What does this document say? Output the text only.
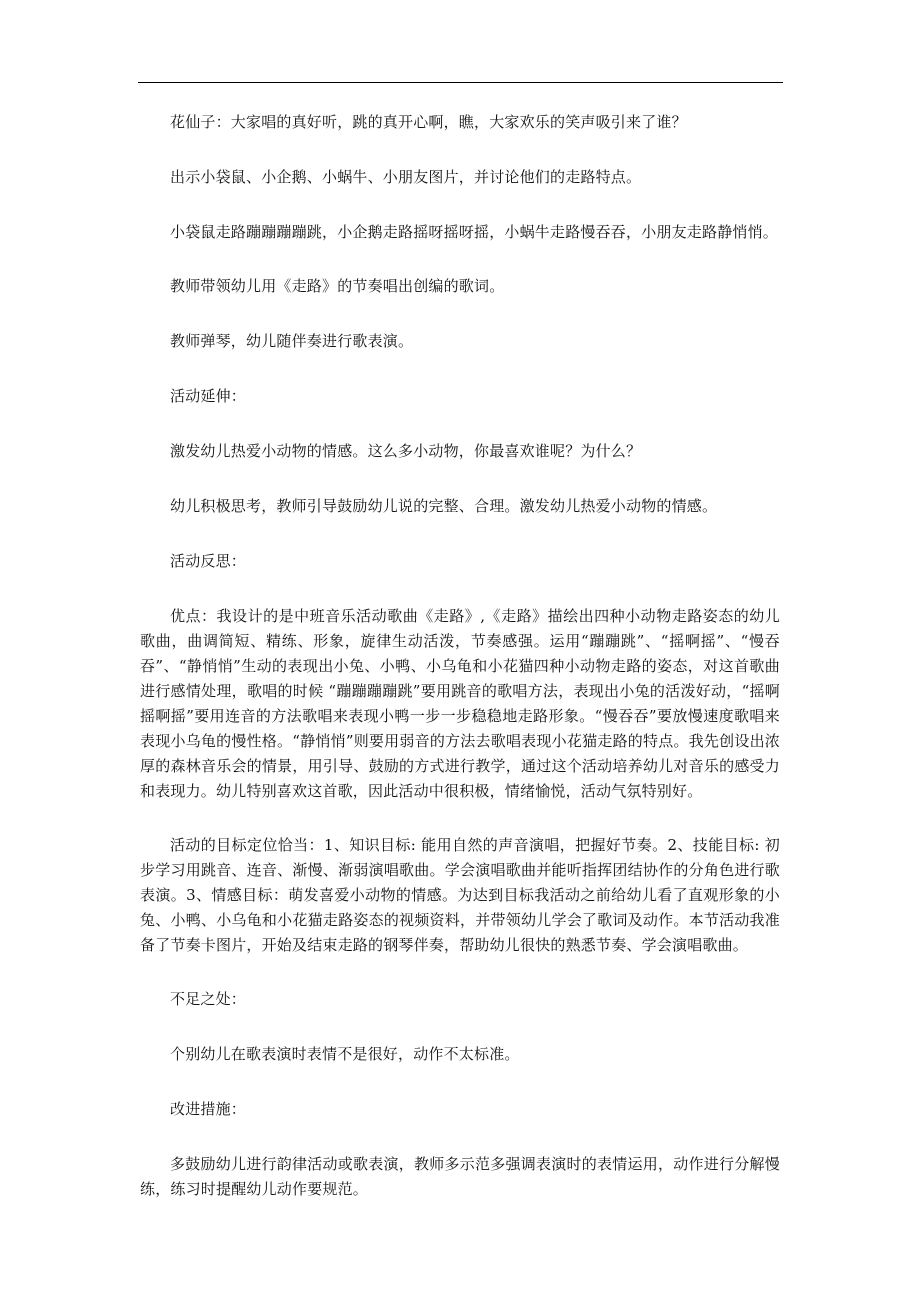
花仙子：大家唱的真好听，跳的真开心啊，瞧，大家欢乐的笑声吸引来了谁？

出示小袋鼠、小企鹅、小蜗牛、小朋友图片，并讨论他们的走路特点。

小袋鼠走路蹦蹦蹦蹦跳，小企鹅走路摇呀摇呀摇，小蜗牛走路慢吞吞，小朋友走路静悄悄。

教师带领幼儿用《走路》的节奏唱出创编的歌词。

教师弹琴，幼儿随伴奏进行歌表演。

活动延伸：

激发幼儿热爱小动物的情感。这么多小动物，你最喜欢谁呢？为什么？

幼儿积极思考，教师引导鼓励幼儿说的完整、合理。激发幼儿热爱小动物的情感。

活动反思：

优点：我设计的是中班音乐活动歌曲《走路》,《走路》描绘出四种小动物走路姿态的幼儿歌曲，曲调简短、精练、形象，旋律生动活泼，节奏感强。运用“蹦蹦跳”、“摇啊摇”、“慢吞吞”、“静悄悄”生动的表现出小兔、小鸭、小乌龟和小花猫四种小动物走路的姿态，对这首歌曲进行感情处理，歌唱的时候 “蹦蹦蹦蹦跳”要用跳音的歌唱方法，表现出小兔的活泼好动，“摇啊摇啊摇”要用连音的方法歌唱来表现小鸭一步一步稳稳地走路形象。“慢吞吞”要放慢速度歌唱来表现小乌龟的慢性格。“静悄悄”则要用弱音的方法去歌唱表现小花猫走路的特点。我先创设出浓厚的森林音乐会的情景，用引导、鼓励的方式进行教学，通过这个活动培养幼儿对音乐的感受力和表现力。幼儿特别喜欢这首歌，因此活动中很积极，情绪愉悦，活动气氛特别好。

活动的目标定位恰当：1、知识目标: 能用自然的声音演唱，把握好节奏。2、技能目标: 初步学习用跳音、连音、渐慢、渐弱演唱歌曲。学会演唱歌曲并能听指挥团结协作的分角色进行歌表演。3、情感目标：萌发喜爱小动物的情感。为达到目标我活动之前给幼儿看了直观形象的小兔、小鸭、小乌龟和小花猫走路姿态的视频资料，并带领幼儿学会了歌词及动作。本节活动我准备了节奏卡图片，开始及结束走路的钢琴伴奏，帮助幼儿很快的熟悉节奏、学会演唱歌曲。

不足之处：

个别幼儿在歌表演时表情不是很好，动作不太标准。

改进措施：

多鼓励幼儿进行韵律活动或歌表演，教师多示范多强调表演时的表情运用，动作进行分解慢练，练习时提醒幼儿动作要规范。
